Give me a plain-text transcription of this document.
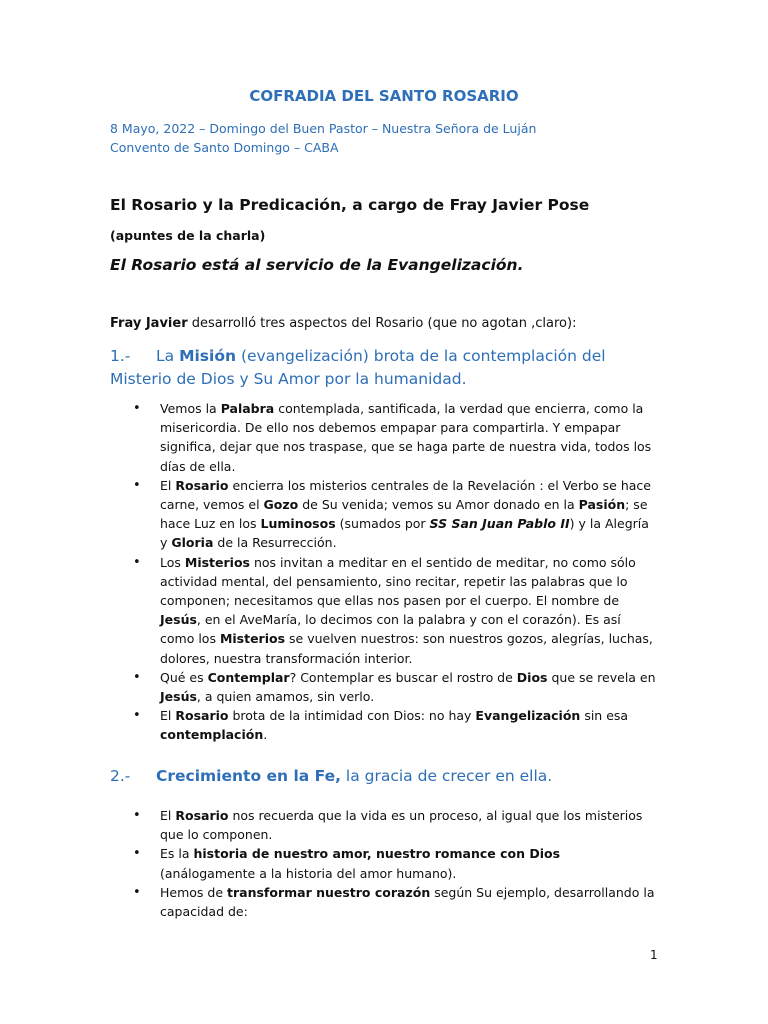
COFRADIA DEL SANTO ROSARIO
8 Mayo, 2022 – Domingo del Buen Pastor – Nuestra Señora de Luján
Convento de Santo Domingo – CABA
El Rosario y la Predicación, a cargo de Fray Javier Pose
(apuntes de la charla)
El Rosario está al servicio de la Evangelización.
Fray Javier desarrolló tres aspectos del Rosario (que no agotan ,claro):
1.- La Misión (evangelización) brota de la contemplación del Misterio de Dios y Su Amor por la humanidad.
• Vemos la Palabra contemplada, santificada, la verdad que encierra, como la misericordia. De ello nos debemos empapar para compartirla. Y empapar significa, dejar que nos traspase, que se haga parte de nuestra vida, todos los días de ella.
• El Rosario encierra los misterios centrales de la Revelación : el Verbo se hace carne, vemos el Gozo de Su venida; vemos su Amor donado en la Pasión; se hace Luz en los Luminosos (sumados por SS San Juan Pablo II) y la Alegría y Gloria de la Resurrección.
• Los Misterios nos invitan a meditar en el sentido de meditar, no como sólo actividad mental, del pensamiento, sino recitar, repetir las palabras que lo componen; necesitamos que ellas nos pasen por el cuerpo. El nombre de Jesús, en el AveMaría, lo decimos con la palabra y con el corazón). Es así como los Misterios se vuelven nuestros: son nuestros gozos, alegrías, luchas, dolores, nuestra transformación interior.
• Qué es Contemplar? Contemplar es buscar el rostro de Dios que se revela en Jesús, a quien amamos, sin verlo.
• El Rosario brota de la intimidad con Dios: no hay Evangelización sin esa contemplación.
2.- Crecimiento en la Fe, la gracia de crecer en ella.
• El Rosario nos recuerda que la vida es un proceso, al igual que los misterios que lo componen.
• Es la historia de nuestro amor, nuestro romance con Dios (análogamente a la historia del amor humano).
• Hemos de transformar nuestro corazón según Su ejemplo, desarrollando la capacidad de:
1
